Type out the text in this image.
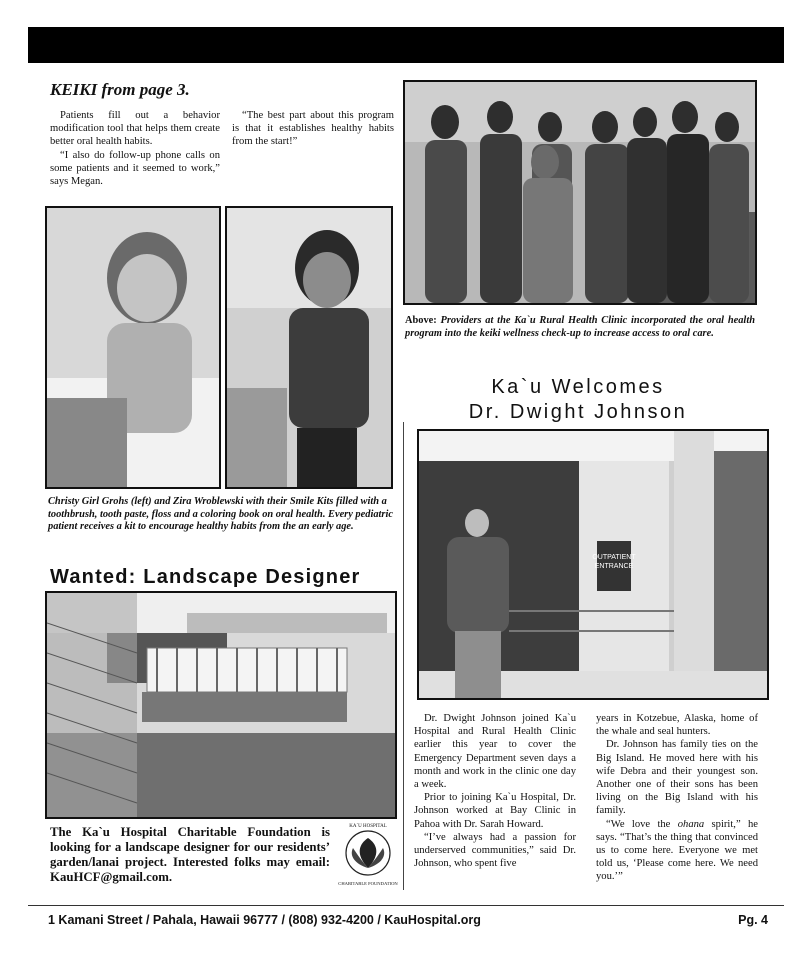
KEIKI from page 3.

Patients fill out a behavior modification tool that helps them create better oral health habits.

“I also do follow-up phone calls on some patients and it seemed to work,” says Megan.

“The best part about this program is that it establishes healthy habits from the start!”

Above: Providers at the Ka`u Rural Health Clinic incorporated the oral health program into the keiki wellness check-up to increase access to oral care.
Christy Girl Grohs (left) and Zira Wroblewski with their Smile Kits filled with a toothbrush, tooth paste, floss and a coloring book on oral health. Every pediatric patient receives a kit to encourage healthy habits from the an early age.
Wanted: Landscape Designer
The Ka`u Hospital Charitable Foundation is looking for a landscape designer for our residents’ garden/lanai project. Interested folks may email: KauHCF@gmail.com.
KA`U HOSPITAL
CHARITABLE FOUNDATION
Ka`u Welcomes
Dr. Dwight Johnson
OUTPATIENT
ENTRANCE

Dr. Dwight Johnson joined Ka`u Hospital and Rural Health Clinic earlier this year to cover the Emergency Department seven days a month and work in the clinic one day a week.

Prior to joining Ka`u Hospital, Dr. Johnson worked at Bay Clinic in Pahoa with Dr. Sarah Howard.

“I’ve always had a passion for underserved communities,” said Dr. Johnson, who spent five

years in Kotzebue, Alaska, home of the whale and seal hunters.

Dr. Johnson has family ties on the Big Island. He moved here with his wife Debra and their youngest son. Another one of their sons has been living on the Big Island with his family.

“We love the ohana spirit,” he says. “That’s the thing that convinced us to come here. Everyone we met told us, ‘Please come here. We need you.’”

1 Kamani Street / Pahala, Hawaii 96777 / (808) 932-4200 / KauHospital.org	Pg. 4
